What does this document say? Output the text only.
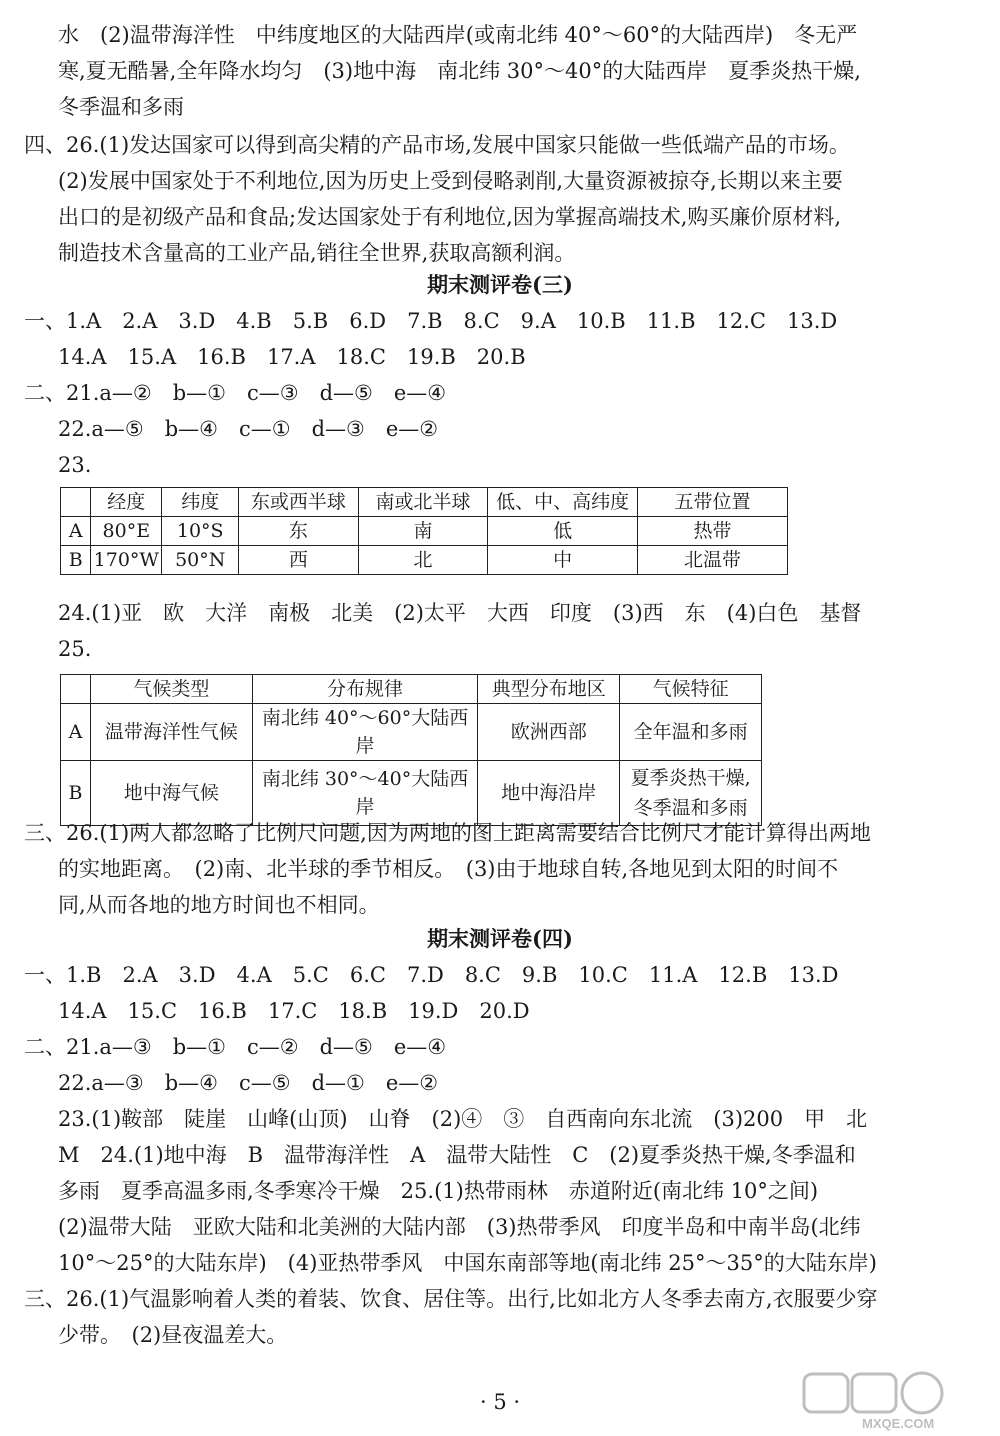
水　(2)温带海洋性　中纬度地区的大陆西岸(或南北纬 40°～60°的大陆西岸)　冬无严
寒,夏无酷暑,全年降水均匀　(3)地中海　南北纬 30°～40°的大陆西岸　夏季炎热干燥,
冬季温和多雨
四、26.(1)发达国家可以得到高尖精的产品市场,发展中国家只能做一些低端产品的市场。
(2)发展中国家处于不利地位,因为历史上受到侵略剥削,大量资源被掠夺,长期以来主要
出口的是初级产品和食品;发达国家处于有利地位,因为掌握高端技术,购买廉价原材料,
制造技术含量高的工业产品,销往全世界,获取高额利润。
期末测评卷(三)
一、1.A　2.A　3.D　4.B　5.B　6.D　7.B　8.C　9.A　10.B　11.B　12.C　13.D
14.A　15.A　16.B　17.A　18.C　19.B　20.B
二、21.a—②　b—①　c—③　d—⑤　e—④
22.a—⑤　b—④　c—①　d—③　e—②
23.
	经度	纬度	东或西半球	南或北半球	低、中、高纬度	五带位置
A	80°E	10°S	东	南	低	热带
B	170°W	50°N	西	北	中	北温带
24.(1)亚　欧　大洋　南极　北美　(2)太平　大西　印度　(3)西　东　(4)白色　基督
25.
	气候类型	分布规律	典型分布地区	气候特征
A	温带海洋性气候	南北纬 40°～60°大陆西岸	欧洲西部	全年温和多雨
B	地中海气候	南北纬 30°～40°大陆西岸	地中海沿岸	夏季炎热干燥,
冬季温和多雨
三、26.(1)两人都忽略了比例尺问题,因为两地的图上距离需要结合比例尺才能计算得出两地
的实地距离。　(2)南、北半球的季节相反。　(3)由于地球自转,各地见到太阳的时间不
同,从而各地的地方时间也不相同。
期末测评卷(四)
一、1.B　2.A　3.D　4.A　5.C　6.C　7.D　8.C　9.B　10.C　11.A　12.B　13.D
14.A　15.C　16.B　17.C　18.B　19.D　20.D
二、21.a—③　b—①　c—②　d—⑤　e—④
22.a—③　b—④　c—⑤　d—①　e—②
23.(1)鞍部　陡崖　山峰(山顶)　山脊　(2)④　③　自西南向东北流　(3)200　甲　北
M　24.(1)地中海　B　温带海洋性　A　温带大陆性　C　(2)夏季炎热干燥,冬季温和
多雨　夏季高温多雨,冬季寒冷干燥　25.(1)热带雨林　赤道附近(南北纬 10°之间)
(2)温带大陆　亚欧大陆和北美洲的大陆内部　(3)热带季风　印度半岛和中南半岛(北纬
10°～25°的大陆东岸)　(4)亚热带季风　中国东南部等地(南北纬 25°～35°的大陆东岸)
三、26.(1)气温影响着人类的着装、饮食、居住等。出行,比如北方人冬季去南方,衣服要少穿
少带。　(2)昼夜温差大。
· 5 ·
MXQE.COM
